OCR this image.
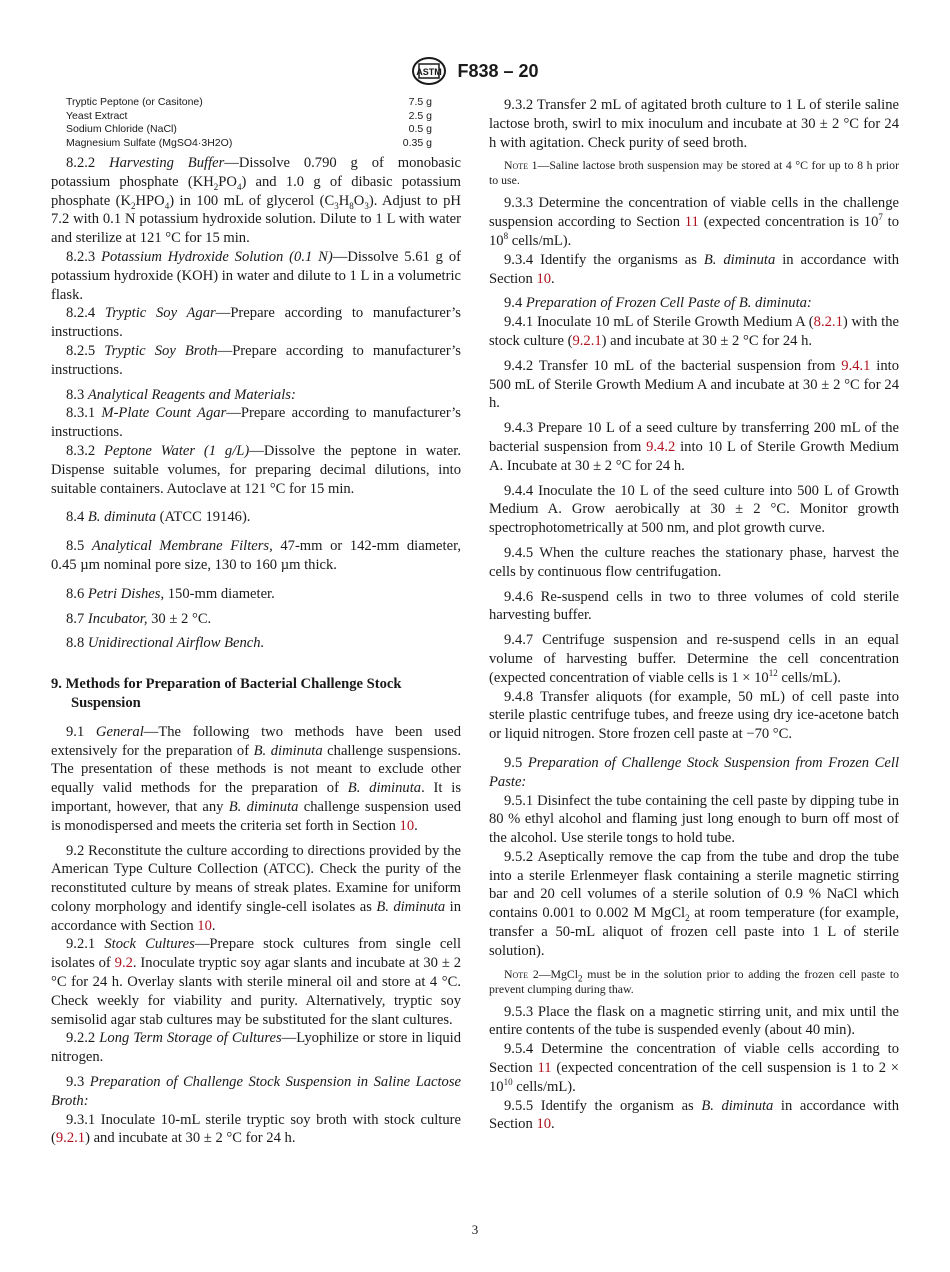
ASTM F838 – 20
Tryptic Peptone (or Casitone)	7.5 g
Yeast Extract	2.5 g
Sodium Chloride (NaCl)	0.5 g
Magnesium Sulfate (MgSO4·3H2O)	0.35 g

8.2.2 Harvesting Buffer—Dissolve 0.790 g of monobasic potassium phosphate $(KH_2PO_4)$ and 1.0 g of dibasic potassium phosphate $(K_2HPO_4)$ in 100 mL of glycerol $(C_3H_8O_3)$. Adjust to pH 7.2 with 0.1 N potassium hydroxide solution. Dilute to 1 L with water and sterilize at 121 °C for 15 min.

8.2.3 Potassium Hydroxide Solution (0.1 N)—Dissolve 5.61 g of potassium hydroxide (KOH) in water and dilute to 1 L in a volumetric flask.

8.2.4 Tryptic Soy Agar—Prepare according to manufacturer’s instructions.

8.2.5 Tryptic Soy Broth—Prepare according to manufacturer’s instructions.

8.3 Analytical Reagents and Materials:

8.3.1 M-Plate Count Agar—Prepare according to manufacturer’s instructions.

8.3.2 Peptone Water (1 g/L)—Dissolve the peptone in water. Dispense suitable volumes, for preparing decimal dilutions, into suitable containers. Autoclave at 121 °C for 15 min.

8.4 B. diminuta (ATCC 19146).

8.5 Analytical Membrane Filters, 47-mm or 142-mm diameter, 0.45 µm nominal pore size, 130 to 160 µm thick.

8.6 Petri Dishes, 150-mm diameter.

8.7 Incubator, 30 ± 2 °C.

8.8 Unidirectional Airflow Bench.

9. Methods for Preparation of Bacterial Challenge Stock Suspension

9.1 General—The following two methods have been used extensively for the preparation of B. diminuta challenge suspensions. The presentation of these methods is not meant to exclude other equally valid methods for the preparation of B. diminuta. It is important, however, that any B. diminuta challenge suspension used is monodispersed and meets the criteria set forth in Section 10.

9.2 Reconstitute the culture according to directions provided by the American Type Culture Collection (ATCC). Check the purity of the reconstituted culture by means of streak plates. Examine for uniform colony morphology and identify single-cell isolates as B. diminuta in accordance with Section 10.

9.2.1 Stock Cultures—Prepare stock cultures from single cell isolates of 9.2. Inoculate tryptic soy agar slants and incubate at 30 ± 2 °C for 24 h. Overlay slants with sterile mineral oil and store at 4 °C. Check weekly for viability and purity. Alternatively, tryptic soy semisolid agar stab cultures may be substituted for the slant cultures.

9.2.2 Long Term Storage of Cultures—Lyophilize or store in liquid nitrogen.

9.3 Preparation of Challenge Stock Suspension in Saline Lactose Broth:

9.3.1 Inoculate 10-mL sterile tryptic soy broth with stock culture (9.2.1) and incubate at 30 ± 2 °C for 24 h.

9.3.2 Transfer 2 mL of agitated broth culture to 1 L of sterile saline lactose broth, swirl to mix inoculum and incubate at 30 ± 2 °C for 24 h with agitation. Check purity of seed broth.

Note 1—Saline lactose broth suspension may be stored at 4 °C for up to 8 h prior to use.

9.3.3 Determine the concentration of viable cells in the challenge suspension according to Section 11 (expected concentration is $10^7$ to $10^8$ cells/mL).

9.3.4 Identify the organisms as B. diminuta in accordance with Section 10.

9.4 Preparation of Frozen Cell Paste of B. diminuta:

9.4.1 Inoculate 10 mL of Sterile Growth Medium A (8.2.1) with the stock culture (9.2.1) and incubate at 30 ± 2 °C for 24 h.

9.4.2 Transfer 10 mL of the bacterial suspension from 9.4.1 into 500 mL of Sterile Growth Medium A and incubate at 30 ± 2 °C for 24 h.

9.4.3 Prepare 10 L of a seed culture by transferring 200 mL of the bacterial suspension from 9.4.2 into 10 L of Sterile Growth Medium A. Incubate at 30 ± 2 °C for 24 h.

9.4.4 Inoculate the 10 L of the seed culture into 500 L of Growth Medium A. Grow aerobically at 30 ± 2 °C. Monitor growth spectrophotometrically at 500 nm, and plot growth curve.

9.4.5 When the culture reaches the stationary phase, harvest the cells by continuous flow centrifugation.

9.4.6 Re-suspend cells in two to three volumes of cold sterile harvesting buffer.

9.4.7 Centrifuge suspension and re-suspend cells in an equal volume of harvesting buffer. Determine the cell concentration (expected concentration of viable cells is $1 \times 10^{12}$ cells/mL).

9.4.8 Transfer aliquots (for example, 50 mL) of cell paste into sterile plastic centrifuge tubes, and freeze using dry ice-acetone batch or liquid nitrogen. Store frozen cell paste at −70 °C.

9.5 Preparation of Challenge Stock Suspension from Frozen Cell Paste:

9.5.1 Disinfect the tube containing the cell paste by dipping tube in 80 % ethyl alcohol and flaming just long enough to burn off most of the alcohol. Use sterile tongs to hold tube.

9.5.2 Aseptically remove the cap from the tube and drop the tube into a sterile Erlenmeyer flask containing a sterile magnetic stirring bar and 20 cell volumes of a sterile solution of 0.9 % NaCl which contains 0.001 to 0.002 M MgCl$_2$ at room temperature (for example, transfer a 50-mL aliquot of frozen cell paste into 1 L of sterile solution).

Note 2—MgCl$_2$ must be in the solution prior to adding the frozen cell paste to prevent clumping during thaw.

9.5.3 Place the flask on a magnetic stirring unit, and mix until the entire contents of the tube is suspended evenly (about 40 min).

9.5.4 Determine the concentration of viable cells according to Section 11 (expected concentration of the cell suspension is 1 to $2 \times 10^{10}$ cells/mL).

9.5.5 Identify the organism as B. diminuta in accordance with Section 10.

3
